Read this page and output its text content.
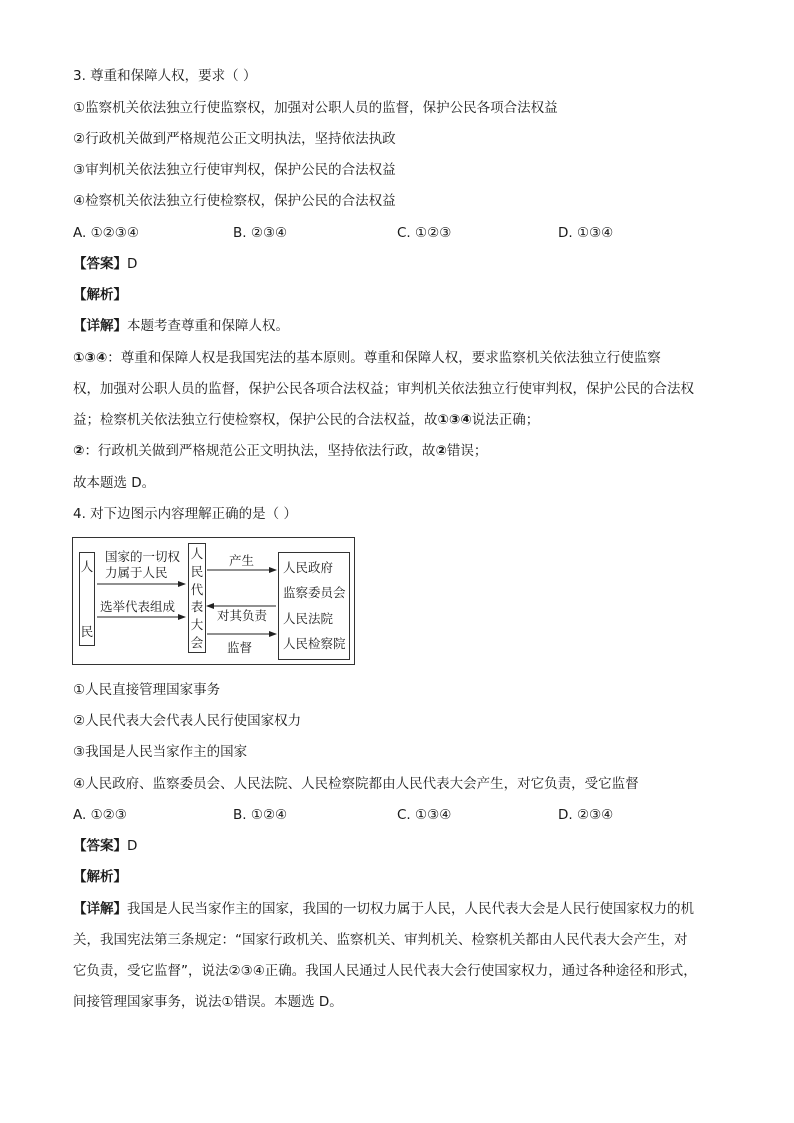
3. 尊重和保障人权，要求（ ）
①监察机关依法独立行使监察权，加强对公职人员的监督，保护公民各项合法权益
②行政机关做到严格规范公正文明执法，坚持依法执政
③审判机关依法独立行使审判权，保护公民的合法权益
④检察机关依法独立行使检察权，保护公民的合法权益
A. ①②③④	B. ②③④	C. ①②③	D. ①③④
【答案】D
【解析】
【详解】本题考查尊重和保障人权。
①③④：尊重和保障人权是我国宪法的基本原则。尊重和保障人权，要求监察机关依法独立行使监察
权，加强对公职人员的监督，保护公民各项合法权益；审判机关依法独立行使审判权，保护公民的合法权
益；检察机关依法独立行使检察权，保护公民的合法权益，故①③④说法正确；
②：行政机关做到严格规范公正文明执法，坚持依法行政，故②错误；
故本题选 D。
4. 对下边图示内容理解正确的是（ ）
人
民
国家的一切权
力属于人民
选举代表组成
人
民
代
表
大
会
产生
对其负责
监督
人民政府
监察委员会
人民法院
人民检察院
①人民直接管理国家事务
②人民代表大会代表人民行使国家权力
③我国是人民当家作主的国家
④人民政府、监察委员会、人民法院、人民检察院都由人民代表大会产生，对它负责，受它监督
A. ①②③	B. ①②④	C. ①③④	D. ②③④
【答案】D
【解析】
【详解】我国是人民当家作主的国家，我国的一切权力属于人民，人民代表大会是人民行使国家权力的机
关，我国宪法第三条规定：“国家行政机关、监察机关、审判机关、检察机关都由人民代表大会产生，对
它负责，受它监督”，说法②③④正确。我国人民通过人民代表大会行使国家权力，通过各种途径和形式，
间接管理国家事务，说法①错误。本题选 D。
